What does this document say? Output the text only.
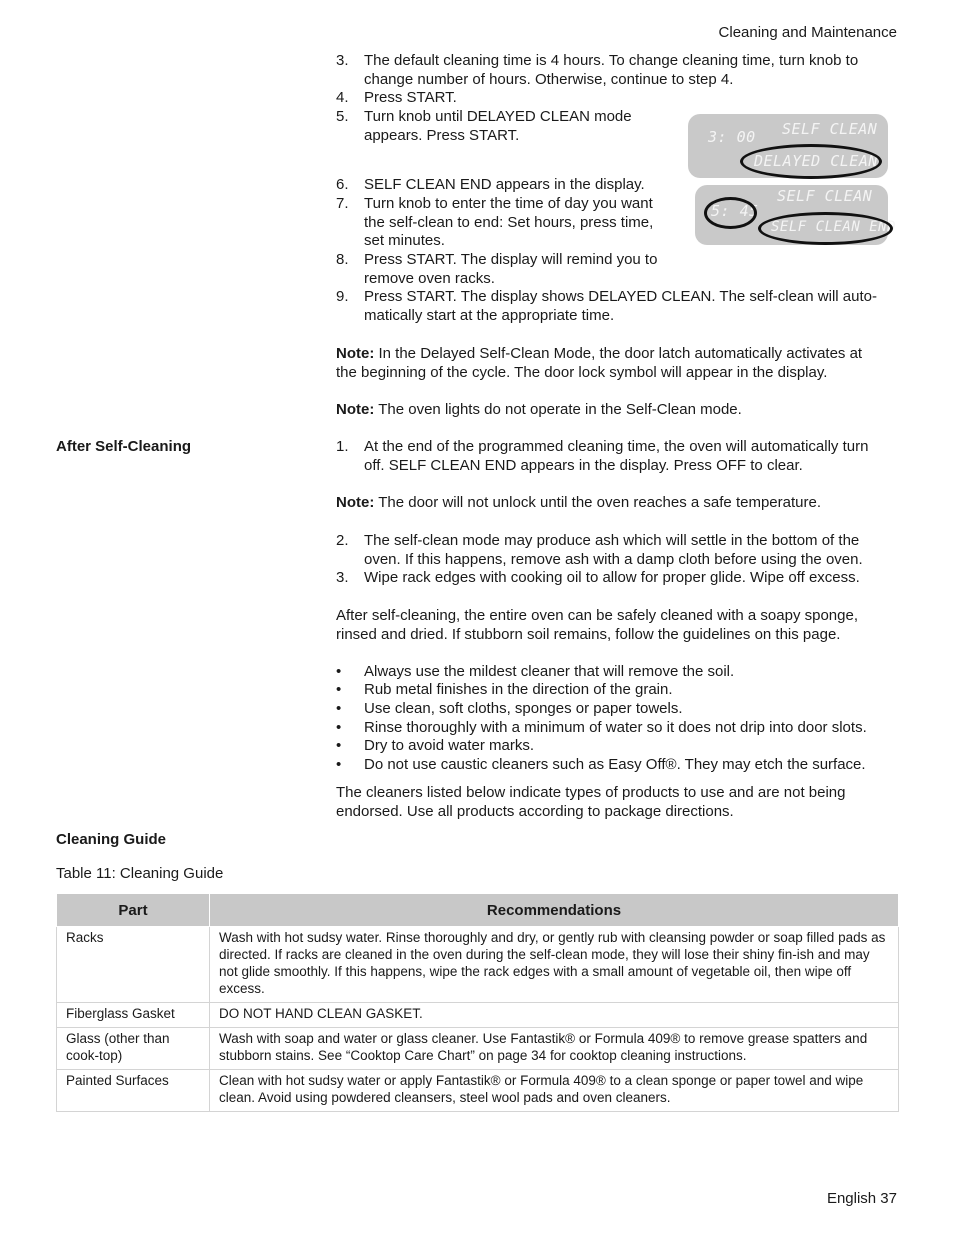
Cleaning and Maintenance
English 37
3. The default cleaning time is 4 hours. To change cleaning time, turn knob to
change number of hours. Otherwise, continue to step 4.
4. Press START.
5. Turn knob until DELAYED CLEAN mode
appears. Press START.
6. SELF CLEAN END appears in the display.
7. Turn knob to enter the time of day you want
the self-clean to end: Set hours, press time,
set minutes.
8. Press START. The display will remind you to
remove oven racks.
9. Press START. The display shows DELAYED CLEAN. The self-clean will auto-
matically start at the appropriate time.
3: 00 SELF CLEAN
DELAYED CLEAN
SELF CLEAN
5: 45
SELF CLEAN END
Note: In the Delayed Self-Clean Mode, the door latch automatically activates at
the beginning of the cycle. The door lock symbol will appear in the display.
Note: The oven lights do not operate in the Self-Clean mode.
After Self-Cleaning	1. At the end of the programmed cleaning time, the oven will automatically turn
off. SELF CLEAN END appears in the display. Press OFF to clear.
Note: The door will not unlock until the oven reaches a safe temperature.
2. The self-clean mode may produce ash which will settle in the bottom of the
oven. If this happens, remove ash with a damp cloth before using the oven.
3. Wipe rack edges with cooking oil to allow for proper glide. Wipe off excess.
After self-cleaning, the entire oven can be safely cleaned with a soapy sponge,
rinsed and dried. If stubborn soil remains, follow the guidelines on this page.
• Always use the mildest cleaner that will remove the soil.
• Rub metal finishes in the direction of the grain.
• Use clean, soft cloths, sponges or paper towels.
• Rinse thoroughly with a minimum of water so it does not drip into door slots.
• Dry to avoid water marks.
• Do not use caustic cleaners such as Easy Off®. They may etch the surface.
The cleaners listed below indicate types of products to use and are not being
endorsed. Use all products according to package directions.
Cleaning Guide
Table 11: Cleaning Guide
Part	Recommendations
Racks	Wash with hot sudsy water. Rinse thoroughly and dry, or gently rub with cleansing powder or soap filled pads as directed. If racks are cleaned in the oven during the self-clean mode, they will lose their shiny fin-ish and may not glide smoothly. If this happens, wipe the rack edges with a small amount of vegetable oil, then wipe off excess.
Fiberglass Gasket	DO NOT HAND CLEAN GASKET.
Glass (other than cook-top)	Wash with soap and water or glass cleaner. Use Fantastik® or Formula 409® to remove grease spatters and stubborn stains. See “Cooktop Care Chart” on page 34 for cooktop cleaning instructions.
Painted Surfaces	Clean with hot sudsy water or apply Fantastik® or Formula 409® to a clean sponge or paper towel and wipe clean. Avoid using powdered cleansers, steel wool pads and oven cleaners.
